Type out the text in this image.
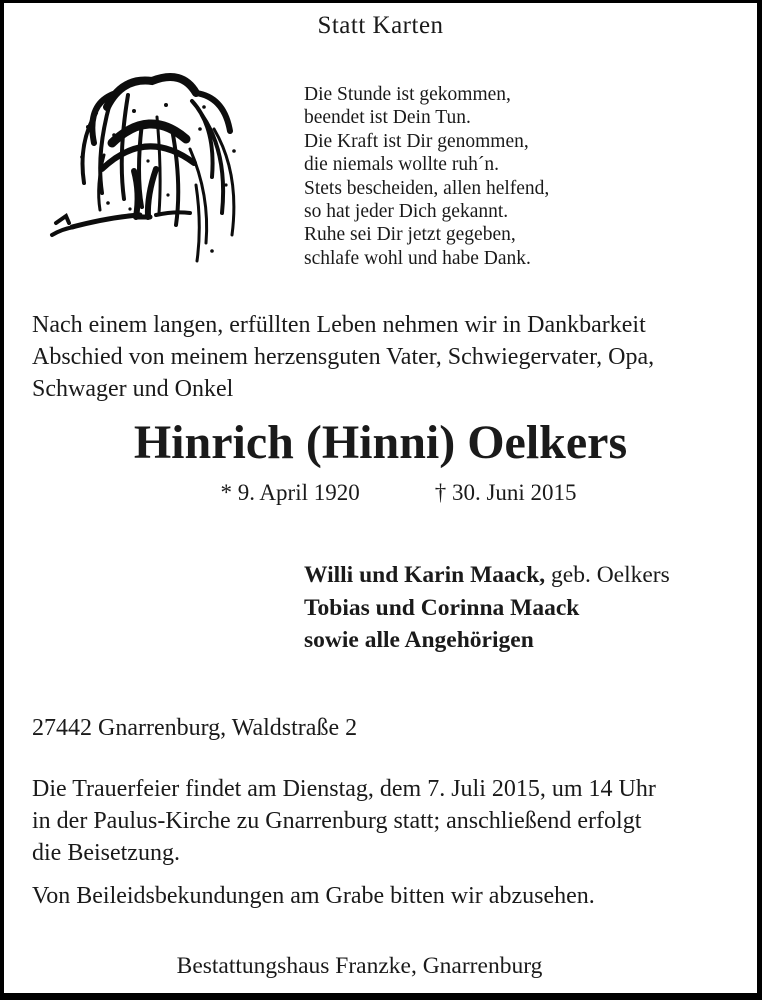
Statt Karten
Die Stunde ist gekommen,
beendet ist Dein Tun.
Die Kraft ist Dir genommen,
die niemals wollte ruh´n.
Stets bescheiden, allen helfend,
so hat jeder Dich gekannt.
Ruhe sei Dir jetzt gegeben,
schlafe wohl und habe Dank.
Nach einem langen, erfüllten Leben nehmen wir in Dankbarkeit
Abschied von meinem herzensguten Vater, Schwiegervater, Opa,
Schwager und Onkel
Hinrich (Hinni) Oelkers
* 9. April 1920	† 30. Juni 2015
Willi und Karin Maack, geb. Oelkers
Tobias und Corinna Maack
sowie alle Angehörigen
27442 Gnarrenburg, Waldstraße 2
Die Trauerfeier findet am Dienstag, dem 7. Juli 2015, um 14 Uhr
in der Paulus-Kirche zu Gnarrenburg statt; anschließend erfolgt
die Beisetzung.
Von Beileidsbekundungen am Grabe bitten wir abzusehen.
Bestattungshaus Franzke, Gnarrenburg
